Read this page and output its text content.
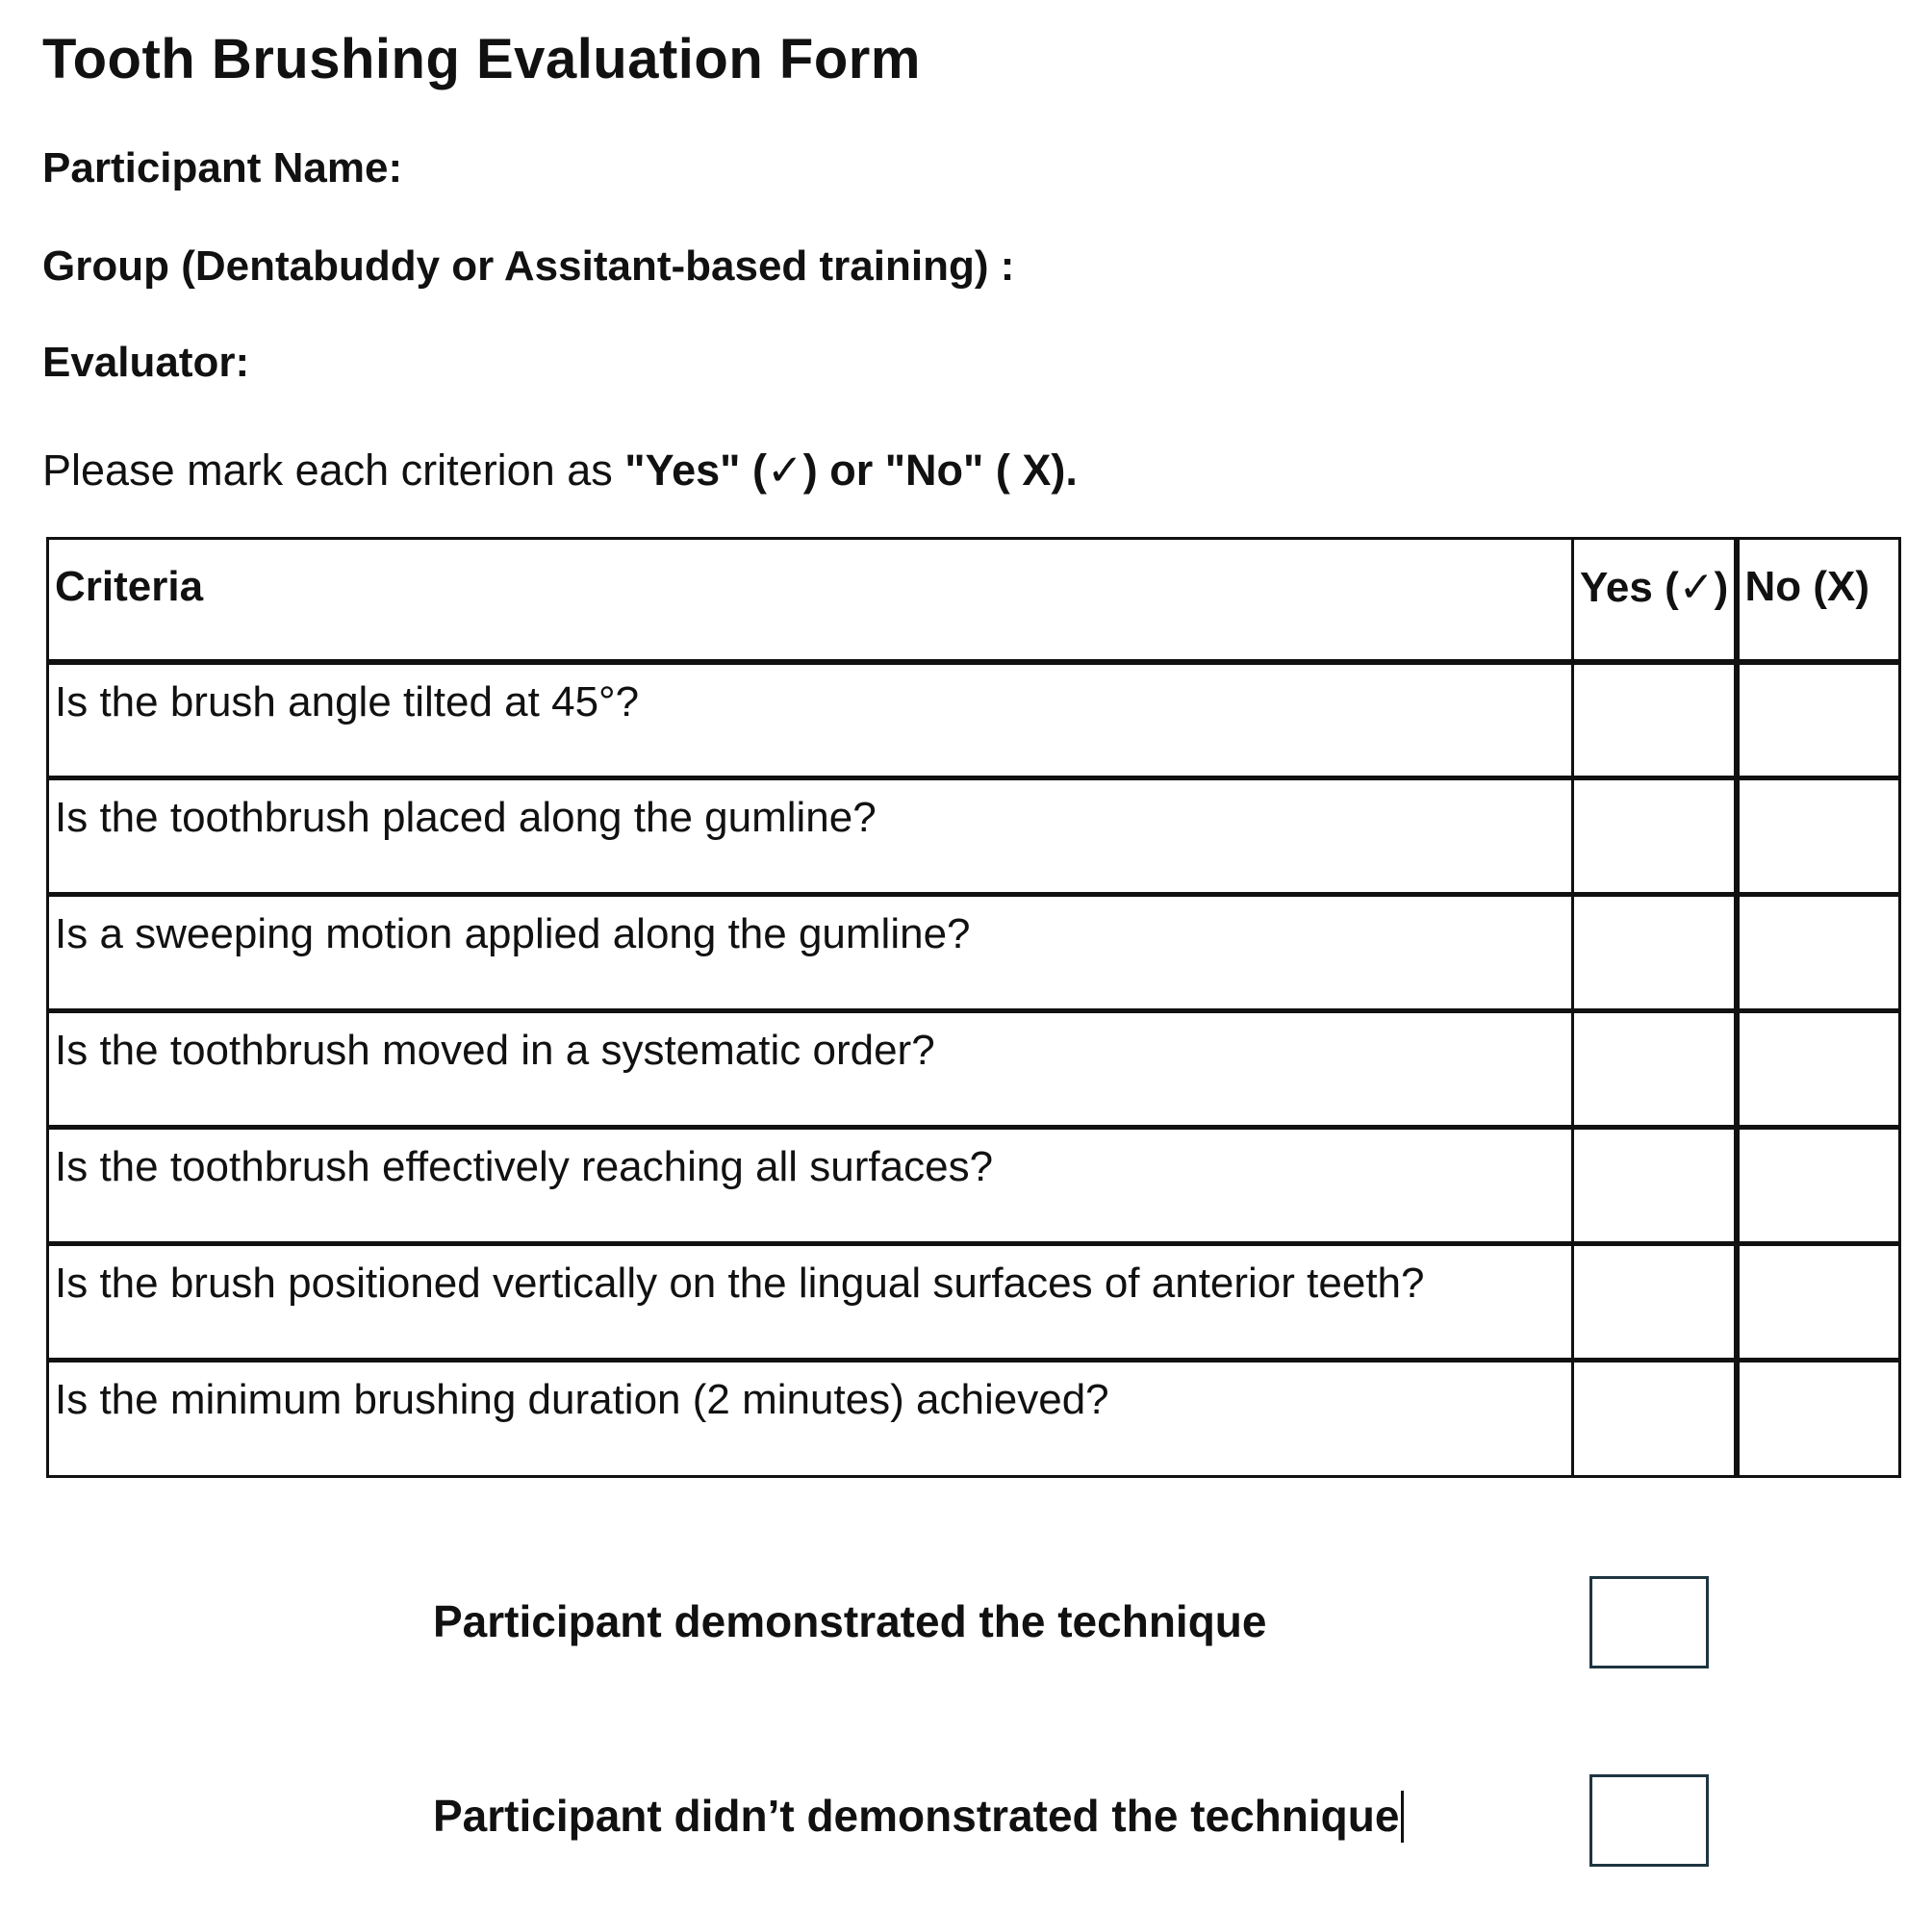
Tooth Brushing Evaluation Form
Participant Name:
Group (Dentabuddy or Assitant-based training) :
Evaluator:
Please mark each criterion as "Yes" (✓) or "No" ( X).
Criteria	Yes (✓)	No (X)
Is the brush angle tilted at 45°?		
Is the toothbrush placed along the gumline?		
Is a sweeping motion applied along the gumline?		
Is the toothbrush moved in a systematic order?		
Is the toothbrush effectively reaching all surfaces?		
Is the brush positioned vertically on the lingual surfaces of anterior teeth?		
Is the minimum brushing duration (2 minutes) achieved?		
Participant demonstrated the technique
Participant didn’t demonstrated the technique
